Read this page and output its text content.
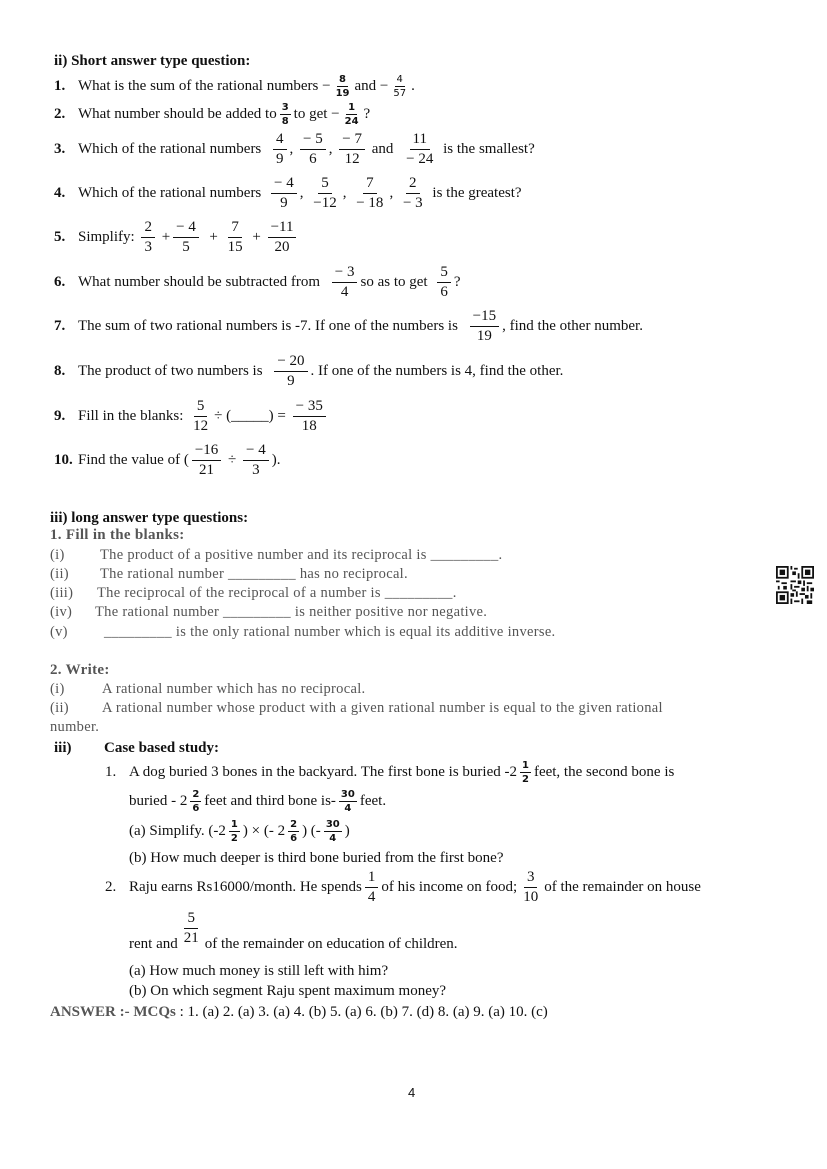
ii) Short answer type question:
1. What is the sum of the rational numbers − $\frac{8}{19}$ and − $\frac{4}{57}$ .
2. What number should be added to $\frac{3}{8}$ to get − $\frac{1}{24}$ ?
3. Which of the rational numbers $\frac{4}{9}$ , $\frac{- 5}{6}$ , $\frac{- 7}{12}$ and $\frac{11}{- 24}$ is the smallest?
4. Which of the rational numbers $\frac{- 4}{9}$ , $\frac{5}{-12}$ , $\frac{7}{- 18}$ , $\frac{2}{- 3}$ is the greatest?
5. Simplify: $\frac{2}{3} + \frac{- 4}{5} + \frac{7}{15} + \frac{-11}{20}$
6. What number should be subtracted from $\frac{- 3}{4}$ so as to get $\frac{5}{6}$ ?
7. The sum of two rational numbers is -7. If one of the numbers is $\frac{-15}{19}$ , find the other number.
8. The product of two numbers is $\frac{- 20}{9}$ . If one of the numbers is 4, find the other.
9. Fill in the blanks: $\frac{5}{12}$ ÷ (_____) = $\frac{- 35}{18}$
10. Find the value of ( $\frac{-16}{21} \div \frac{- 4}{3}$ ).
iii) long answer type questions:
1. Fill in the blanks:
(i) The product of a positive number and its reciprocal is _________.
(ii) The rational number _________ has no reciprocal.
(iii) The reciprocal of the reciprocal of a number is _________.
(iv) The rational number _________ is neither positive nor negative.
(v) _________ is the only rational number which is equal its additive inverse.
2. Write:
(i)	A rational number which has no reciprocal.
(ii) A rational number whose product with a given rational number is equal to the given rational
number.
iii) Case based study:
1. A dog buried 3 bones in the backyard. The first bone is buried $-2 \frac{1}{2}$ feet, the second bone is
buried - $2 \frac{2}{6}$ feet and third bone $is- \frac{30}{4}$ feet.
(a) Simplify. ($-2 \frac{1}{2}$ ) × (- $2 \frac{2}{6}$ ) (- $\frac{30}{4}$ )
(b) How much deeper is third bone buried from the first bone?
2. Raju earns Rs16000/month. He spends $\frac{1}{4}$ of his income on food; $\frac{3}{10}$ of the remainder on house
rent and $\frac{5}{21}$ of the remainder on education of children.
(a) How much money is still left with him?
(b) On which segment Raju spent maximum money?
ANSWER :- MCQs : 1. (a) 2. (a) 3. (a) 4. (b) 5. (a) 6. (b) 7. (d) 8. (a) 9. (a) 10. (c)
4
